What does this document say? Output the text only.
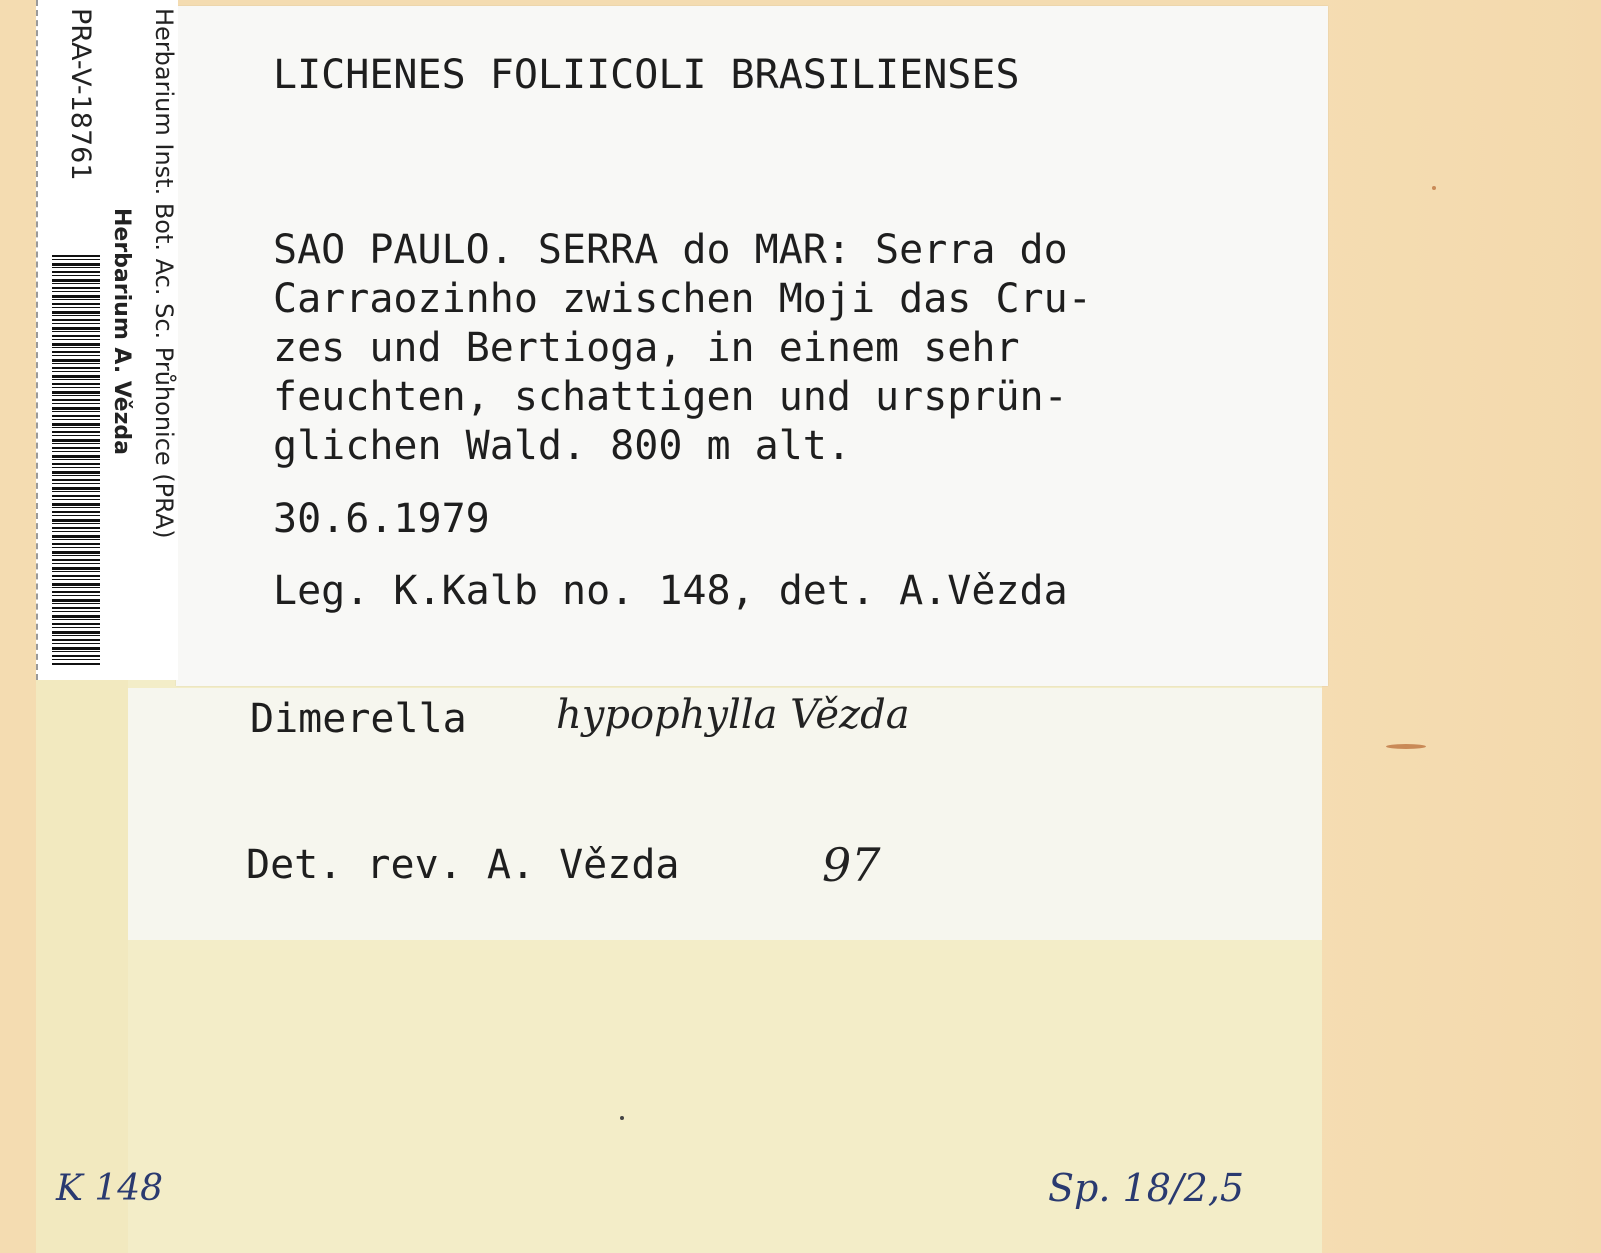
PRA-V-18761 Herbarium Inst. Bot. Ac. Sc. Průhonice (PRA)
Herbarium A. Vězda
LICHENES FOLIICOLI BRASILIENSES
SAO PAULO. SERRA do MAR: Serra do
Carraozinho zwischen Moji das Cru-
zes und Bertioga, in einem sehr
feuchten, schattigen und ursprün-
glichen Wald. 800 m alt.
30.6.1979
Leg. K.Kalb no. 148, det. A.Vězda
Dimerella hypophylla Vězda
Det. rev. A. Vězda	97
K 148	Sp. 18/2,5
